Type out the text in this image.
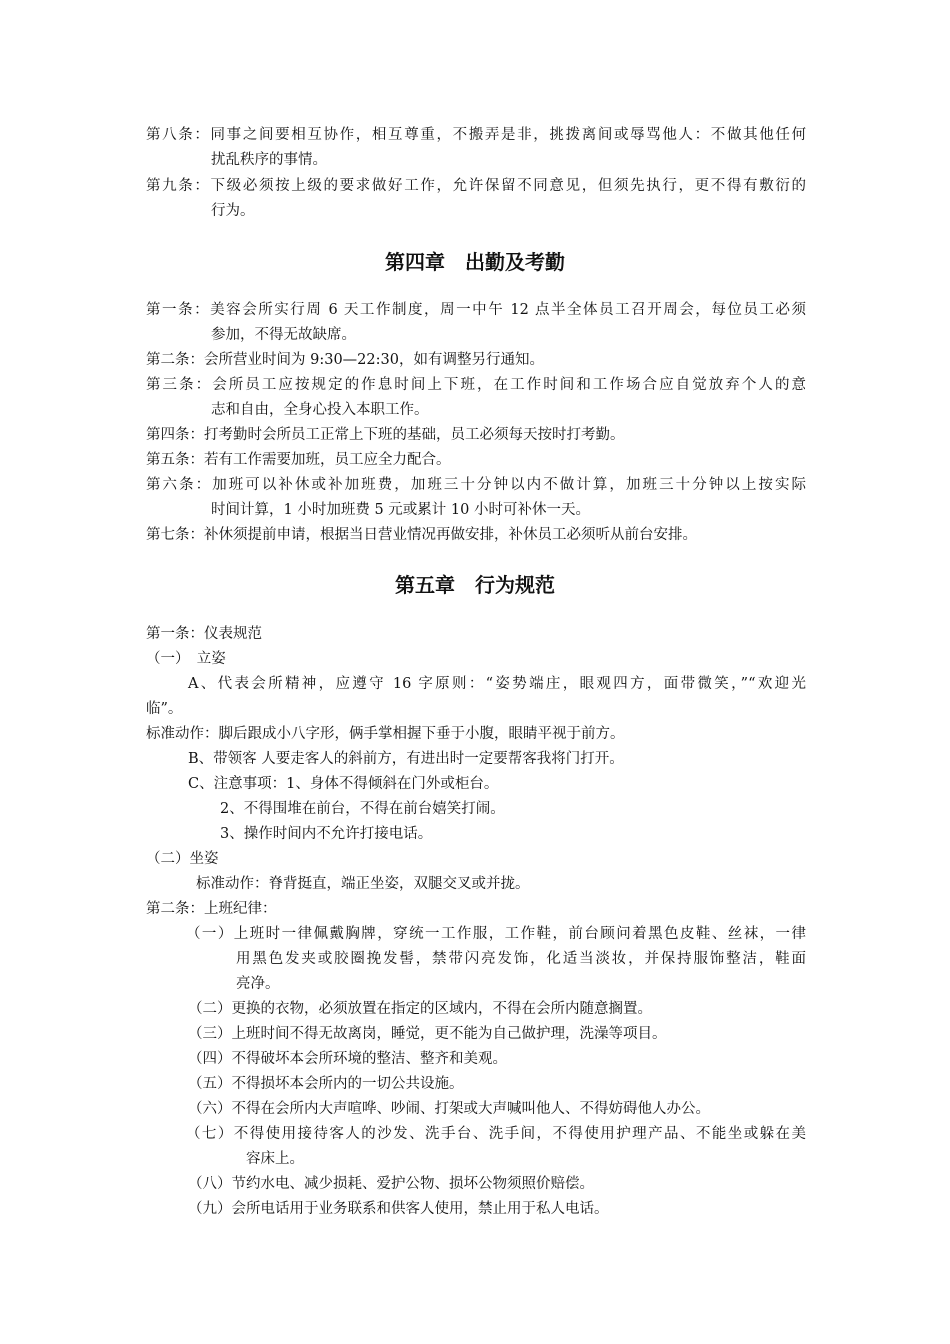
第八条：同事之间要相互协作，相互尊重，不搬弄是非，挑拨离间或辱骂他人：不做其他任何
扰乱秩序的事情。
第九条：下级必须按上级的要求做好工作，允许保留不同意见，但须先执行，更不得有敷衍的
行为。
第四章　出勤及考勤
第一条：美容会所实行周 6 天工作制度，周一中午 12 点半全体员工召开周会，每位员工必须
参加，不得无故缺席。
第二条：会所营业时间为 9:30—22:30，如有调整另行通知。
第三条：会所员工应按规定的作息时间上下班，在工作时间和工作场合应自觉放弃个人的意
志和自由，全身心投入本职工作。
第四条：打考勤时会所员工正常上下班的基础，员工必须每天按时打考勤。
第五条：若有工作需要加班，员工应全力配合。
第六条：加班可以补休或补加班费，加班三十分钟以内不做计算，加班三十分钟以上按实际
时间计算，1 小时加班费 5 元或累计 10 小时可补休一天。
第七条：补休须提前申请，根据当日营业情况再做安排，补休员工必须听从前台安排。
第五章　行为规范
第一条：仪表规范
（一）　立姿
A、代表会所精神，应遵守 16 字原则：“姿势端庄，眼观四方，面带微笑，”“欢迎光
临”。
标准动作：脚后跟成小八字形，俩手掌相握下垂于小腹，眼睛平视于前方。
B、带领客 人要走客人的斜前方，有进出时一定要帮客我将门打开。
C、注意事项：1、身体不得倾斜在门外或柜台。
2、不得围堆在前台，不得在前台嬉笑打闹。
3、操作时间内不允许打接电话。
（二）坐姿
标准动作：脊背挺直，端正坐姿，双腿交叉或并拢。
第二条：上班纪律：
（一）上班时一律佩戴胸牌，穿统一工作服，工作鞋，前台顾问着黑色皮鞋、丝袜，一律
用黑色发夹或胶圈挽发髻，禁带闪亮发饰，化适当淡妆，并保持服饰整洁，鞋面
亮净。
（二）更换的衣物，必须放置在指定的区域内，不得在会所内随意搁置。
（三）上班时间不得无故离岗，睡觉，更不能为自己做护理，洗澡等项目。
（四）不得破坏本会所环境的整洁、整齐和美观。
（五）不得损坏本会所内的一切公共设施。
（六）不得在会所内大声喧哗、吵闹、打架或大声喊叫他人、不得妨碍他人办公。
（七）不得使用接待客人的沙发、洗手台、洗手间，不得使用护理产品、不能坐或躲在美
容床上。
（八）节约水电、减少损耗、爱护公物、损坏公物须照价赔偿。
（九）会所电话用于业务联系和供客人使用，禁止用于私人电话。
